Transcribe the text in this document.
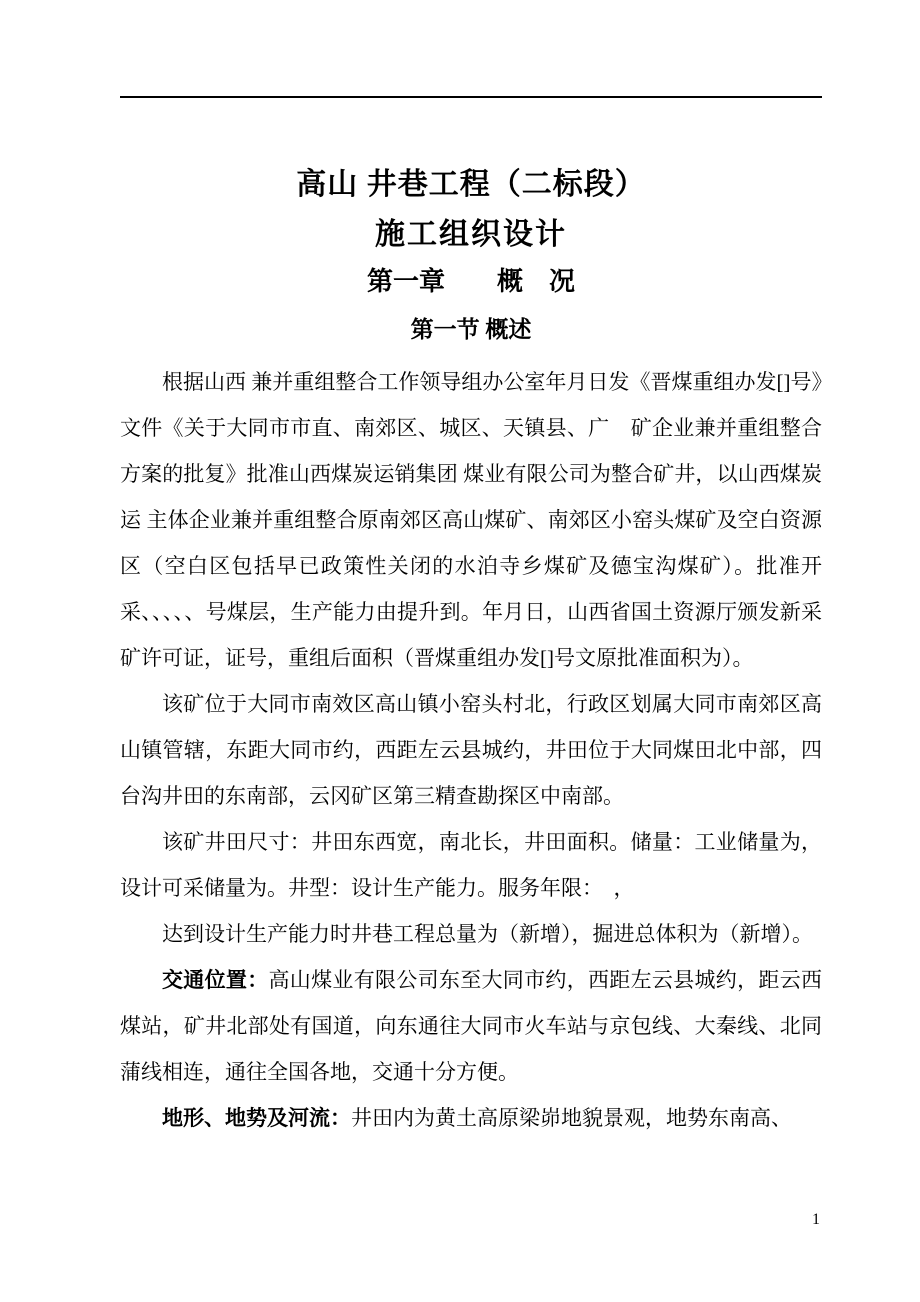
高山 井巷工程（二标段）
施工组织设计
第一章　　概　况
第一节 概述

根据山西 兼并重组整合工作领导组办公室年月日发《晋煤重组办发[]号》文件《关于大同市市直、南郊区、城区、天镇县、广　矿企业兼并重组整合方案的批复》批准山西煤炭运销集团 煤业有限公司为整合矿井，以山西煤炭运 主体企业兼并重组整合原南郊区高山煤矿、南郊区小窑头煤矿及空白资源区（空白区包括早已政策性关闭的水泊寺乡煤矿及德宝沟煤矿）。批准开采、、、、、号煤层，生产能力由提升到。年月日，山西省国土资源厅颁发新采矿许可证，证号，重组后面积（晋煤重组办发[]号文原批准面积为）。

该矿位于大同市南效区高山镇小窑头村北，行政区划属大同市南郊区高山镇管辖，东距大同市约，西距左云县城约，井田位于大同煤田北中部，四台沟井田的东南部，云冈矿区第三精查勘探区中南部。

该矿井田尺寸：井田东西宽，南北长，井田面积。储量：工业储量为，设计可采储量为。井型：设计生产能力。服务年限：　，

达到设计生产能力时井巷工程总量为（新增），掘进总体积为（新增）。

交通位置：高山煤业有限公司东至大同市约，西距左云县城约，距云西煤站，矿井北部处有国道，向东通往大同市火车站与京包线、大秦线、北同蒲线相连，通往全国各地，交通十分方便。

地形、地势及河流：井田内为黄土高原梁峁地貌景观，地势东南高、

1
